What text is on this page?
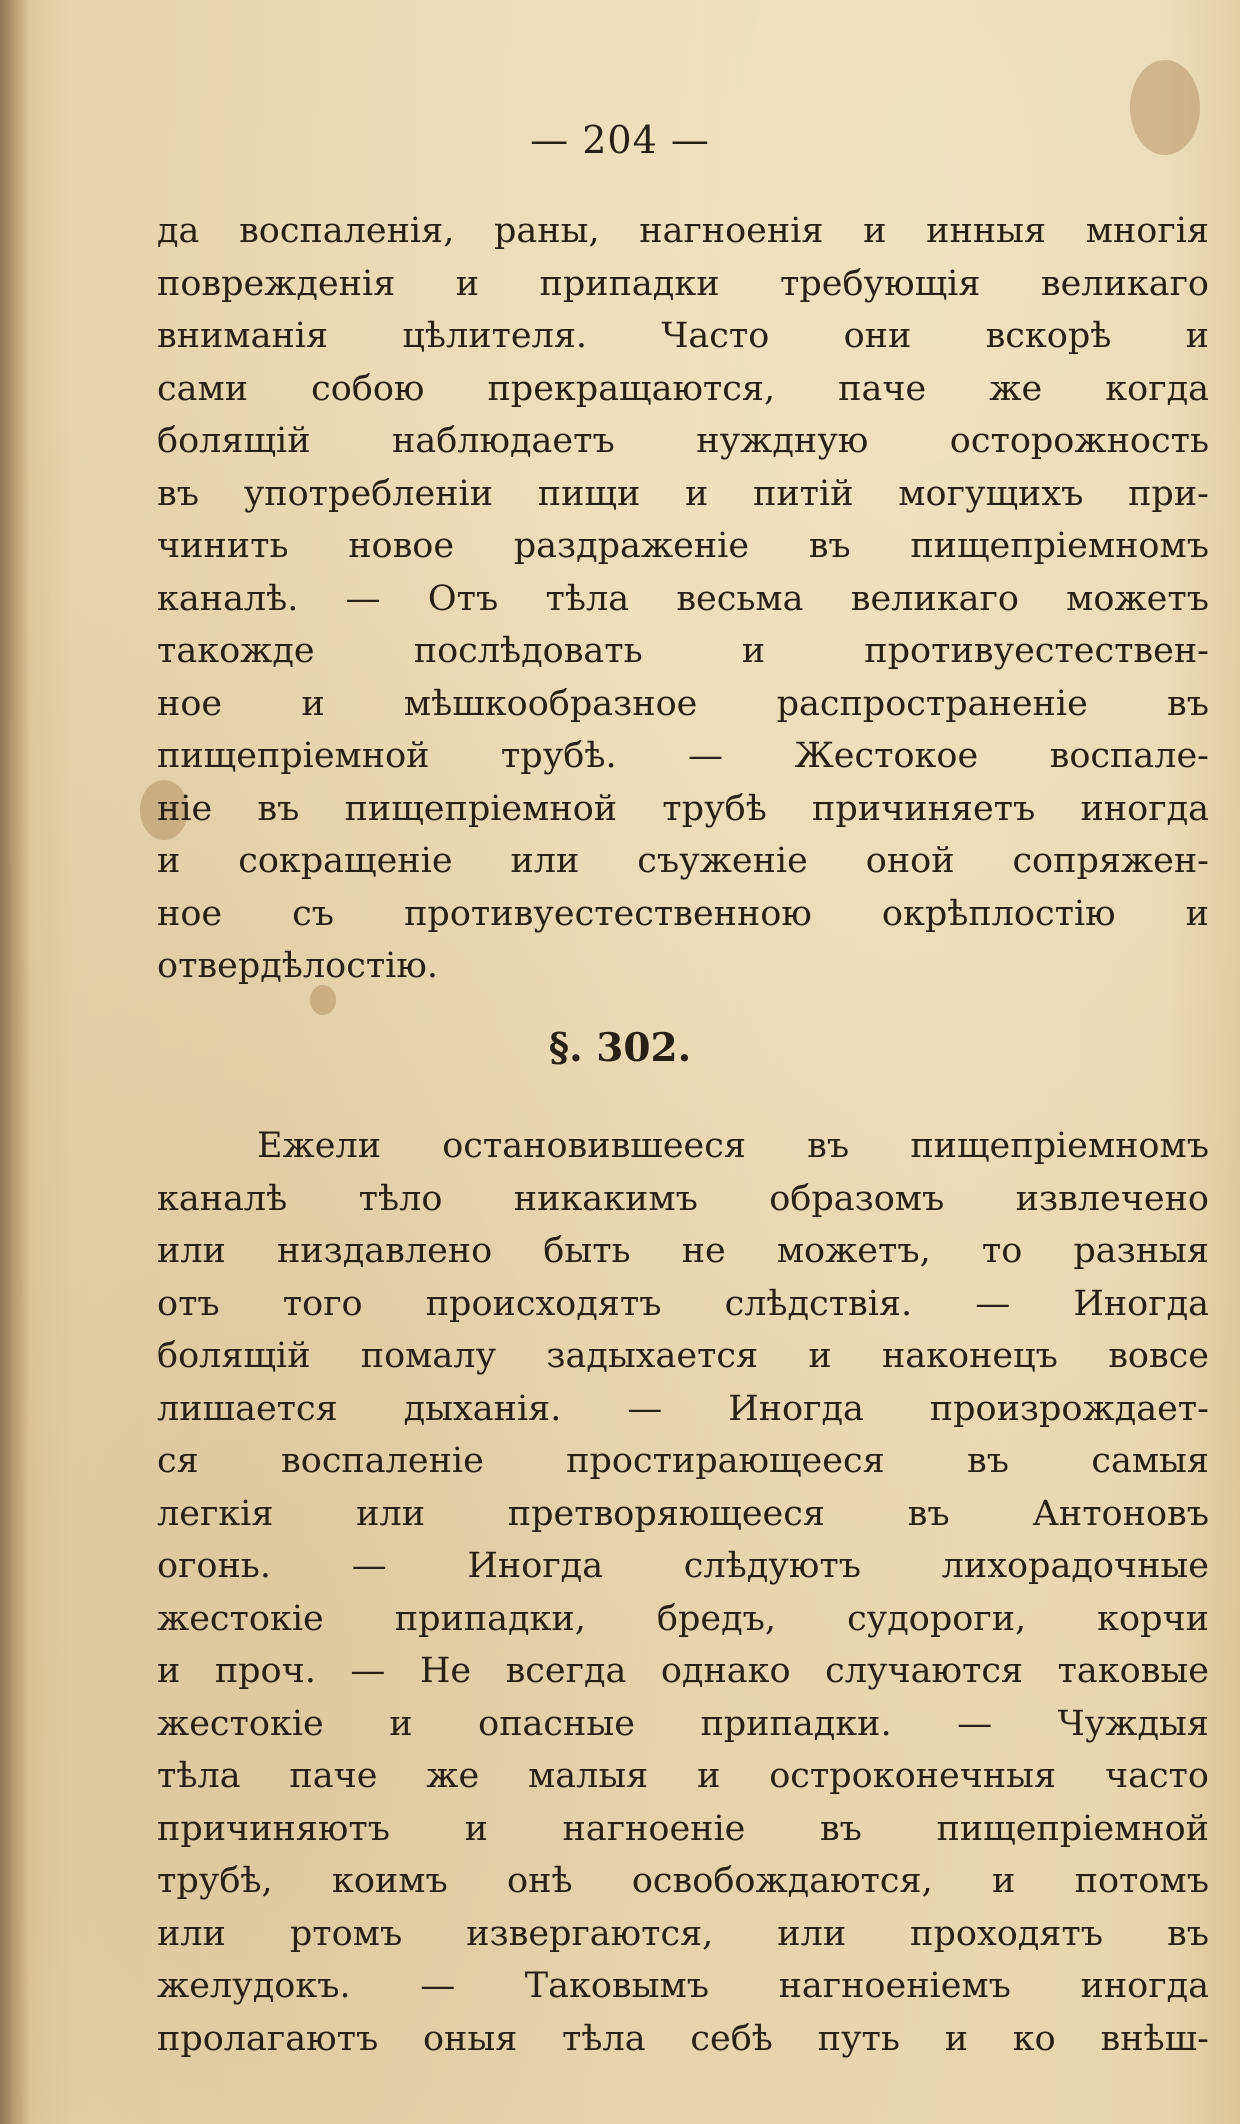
— 204 —
да воспаленія, раны, нагноенія и инныя многія
поврежденія и припадки требующія великаго
вниманія цѣлителя. Часто они вскорѣ и
сами собою прекращаются, паче же когда
болящій наблюдаетъ нуждную осторожность
въ употребленіи пищи и питій могущихъ при-
чинить новое раздраженіе въ пищепріемномъ
каналѣ. — Отъ тѣла весьма великаго можетъ
такожде послѣдовать и противуестествен-
ное и мѣшкообразное распространеніе въ
пищепріемной трубѣ. — Жестокое воспале-
ніе въ пищепріемной трубѣ причиняетъ иногда
и сокращеніе или съуженіе оной сопряжен-
ное съ противуестественною окрѣплостію и
отвердѣлостію.
§. 302.
Ежели остановившееся въ пищепріемномъ
каналѣ тѣло никакимъ образомъ извлечено
или низдавлено быть не можетъ, то разныя
отъ того происходятъ слѣдствія. — Иногда
болящій помалу задыхается и наконецъ вовсе
лишается дыханія. — Иногда произрождает-
ся воспаленіе простирающееся въ самыя
легкія или претворяющееся въ Антоновъ
огонь. — Иногда слѣдуютъ лихорадочные
жестокіе припадки, бредъ, судороги, корчи
и проч. — Не всегда однако случаются таковые
жестокіе и опасные припадки. — Чуждыя
тѣла паче же малыя и остроконечныя часто
причиняютъ и нагноеніе въ пищепріемной
трубѣ, коимъ онѣ освобождаются, и потомъ
или ртомъ извергаются, или проходятъ въ
желудокъ. — Таковымъ нагноеніемъ иногда
пролагаютъ оныя тѣла себѣ путь и ко внѣш-
